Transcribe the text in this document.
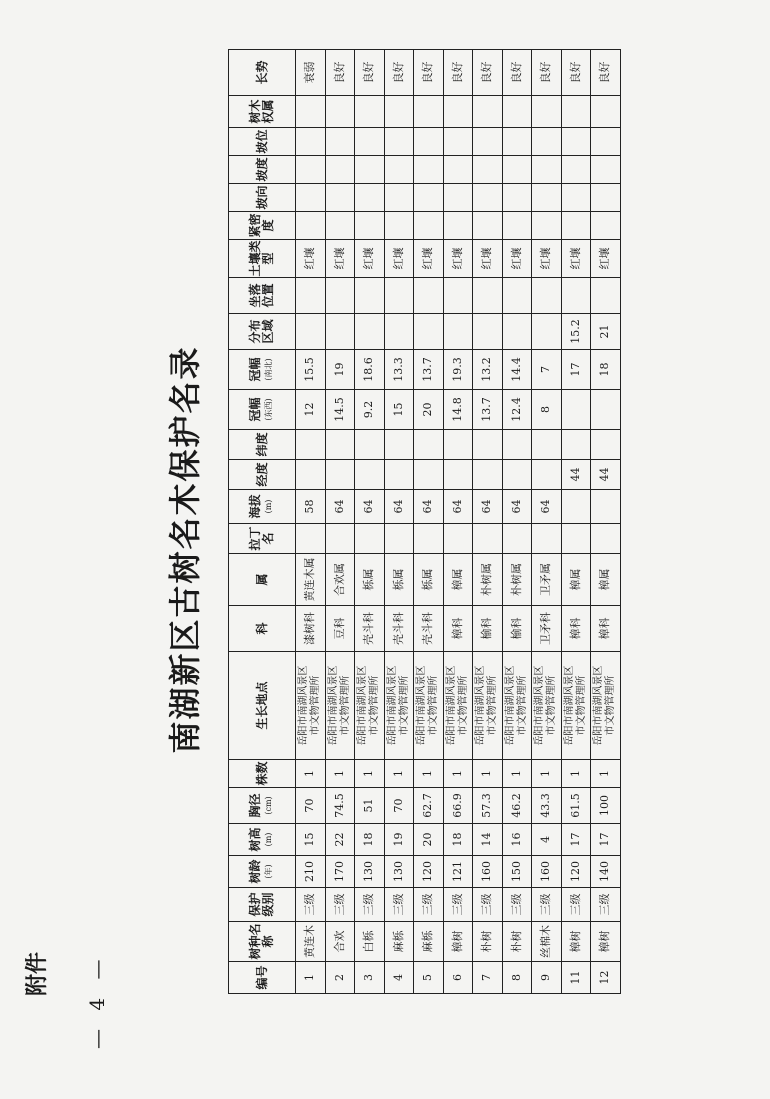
附件
南湖新区古树名木保护名录
编号	树种名称	保护级别	树龄 (年)	树高 (m)	胸径 (cm)	株数	生长地点	科	属	拉丁名	海拔 (m)	经度	纬度	冠幅 (东西)	冠幅 (南北)	分布区域	坐落位置	土壤类型	紧密度	坡向	坡度	坡位	树木权属	长势
1	黄连木	三级	210	15	70	1	岳阳市南湖风景区 市文物管理所	漆树科	黄连木属		58			12	15.5			红壤						衰弱
2	合欢	三级	170	22	74.5	1	岳阳市南湖风景区 市文物管理所	豆科	合欢属		64			14.5	19			红壤						良好
3	白栎	三级	130	18	51	1	岳阳市南湖风景区 市文物管理所	壳斗科	栎属		64			9.2	18.6			红壤						良好
4	麻栎	三级	130	19	70	1	岳阳市南湖风景区 市文物管理所	壳斗科	栎属		64			15	13.3			红壤						良好
5	麻栎	三级	120	20	62.7	1	岳阳市南湖风景区 市文物管理所	壳斗科	栎属		64			20	13.7			红壤						良好
6	樟树	三级	121	18	66.9	1	岳阳市南湖风景区 市文物管理所	樟科	樟属		64			14.8	19.3			红壤						良好
7	朴树	三级	160	14	57.3	1	岳阳市南湖风景区 市文物管理所	榆科	朴树属		64			13.7	13.2			红壤						良好
8	朴树	三级	150	16	46.2	1	岳阳市南湖风景区 市文物管理所	榆科	朴树属		64			12.4	14.4			红壤						良好
9	丝棉木	三级	160	4	43.3	1	岳阳市南湖风景区 市文物管理所	卫矛科	卫矛属		64			8	7			红壤						良好
11	樟树	三级	120	17	61.5	1	岳阳市南湖风景区 市文物管理所	樟科	樟属			44			17	15.2		红壤						良好
12	樟树	三级	140	17	100	1	岳阳市南湖风景区 市文物管理所	樟科	樟属			44			18	21		红壤						良好
— 4 —
